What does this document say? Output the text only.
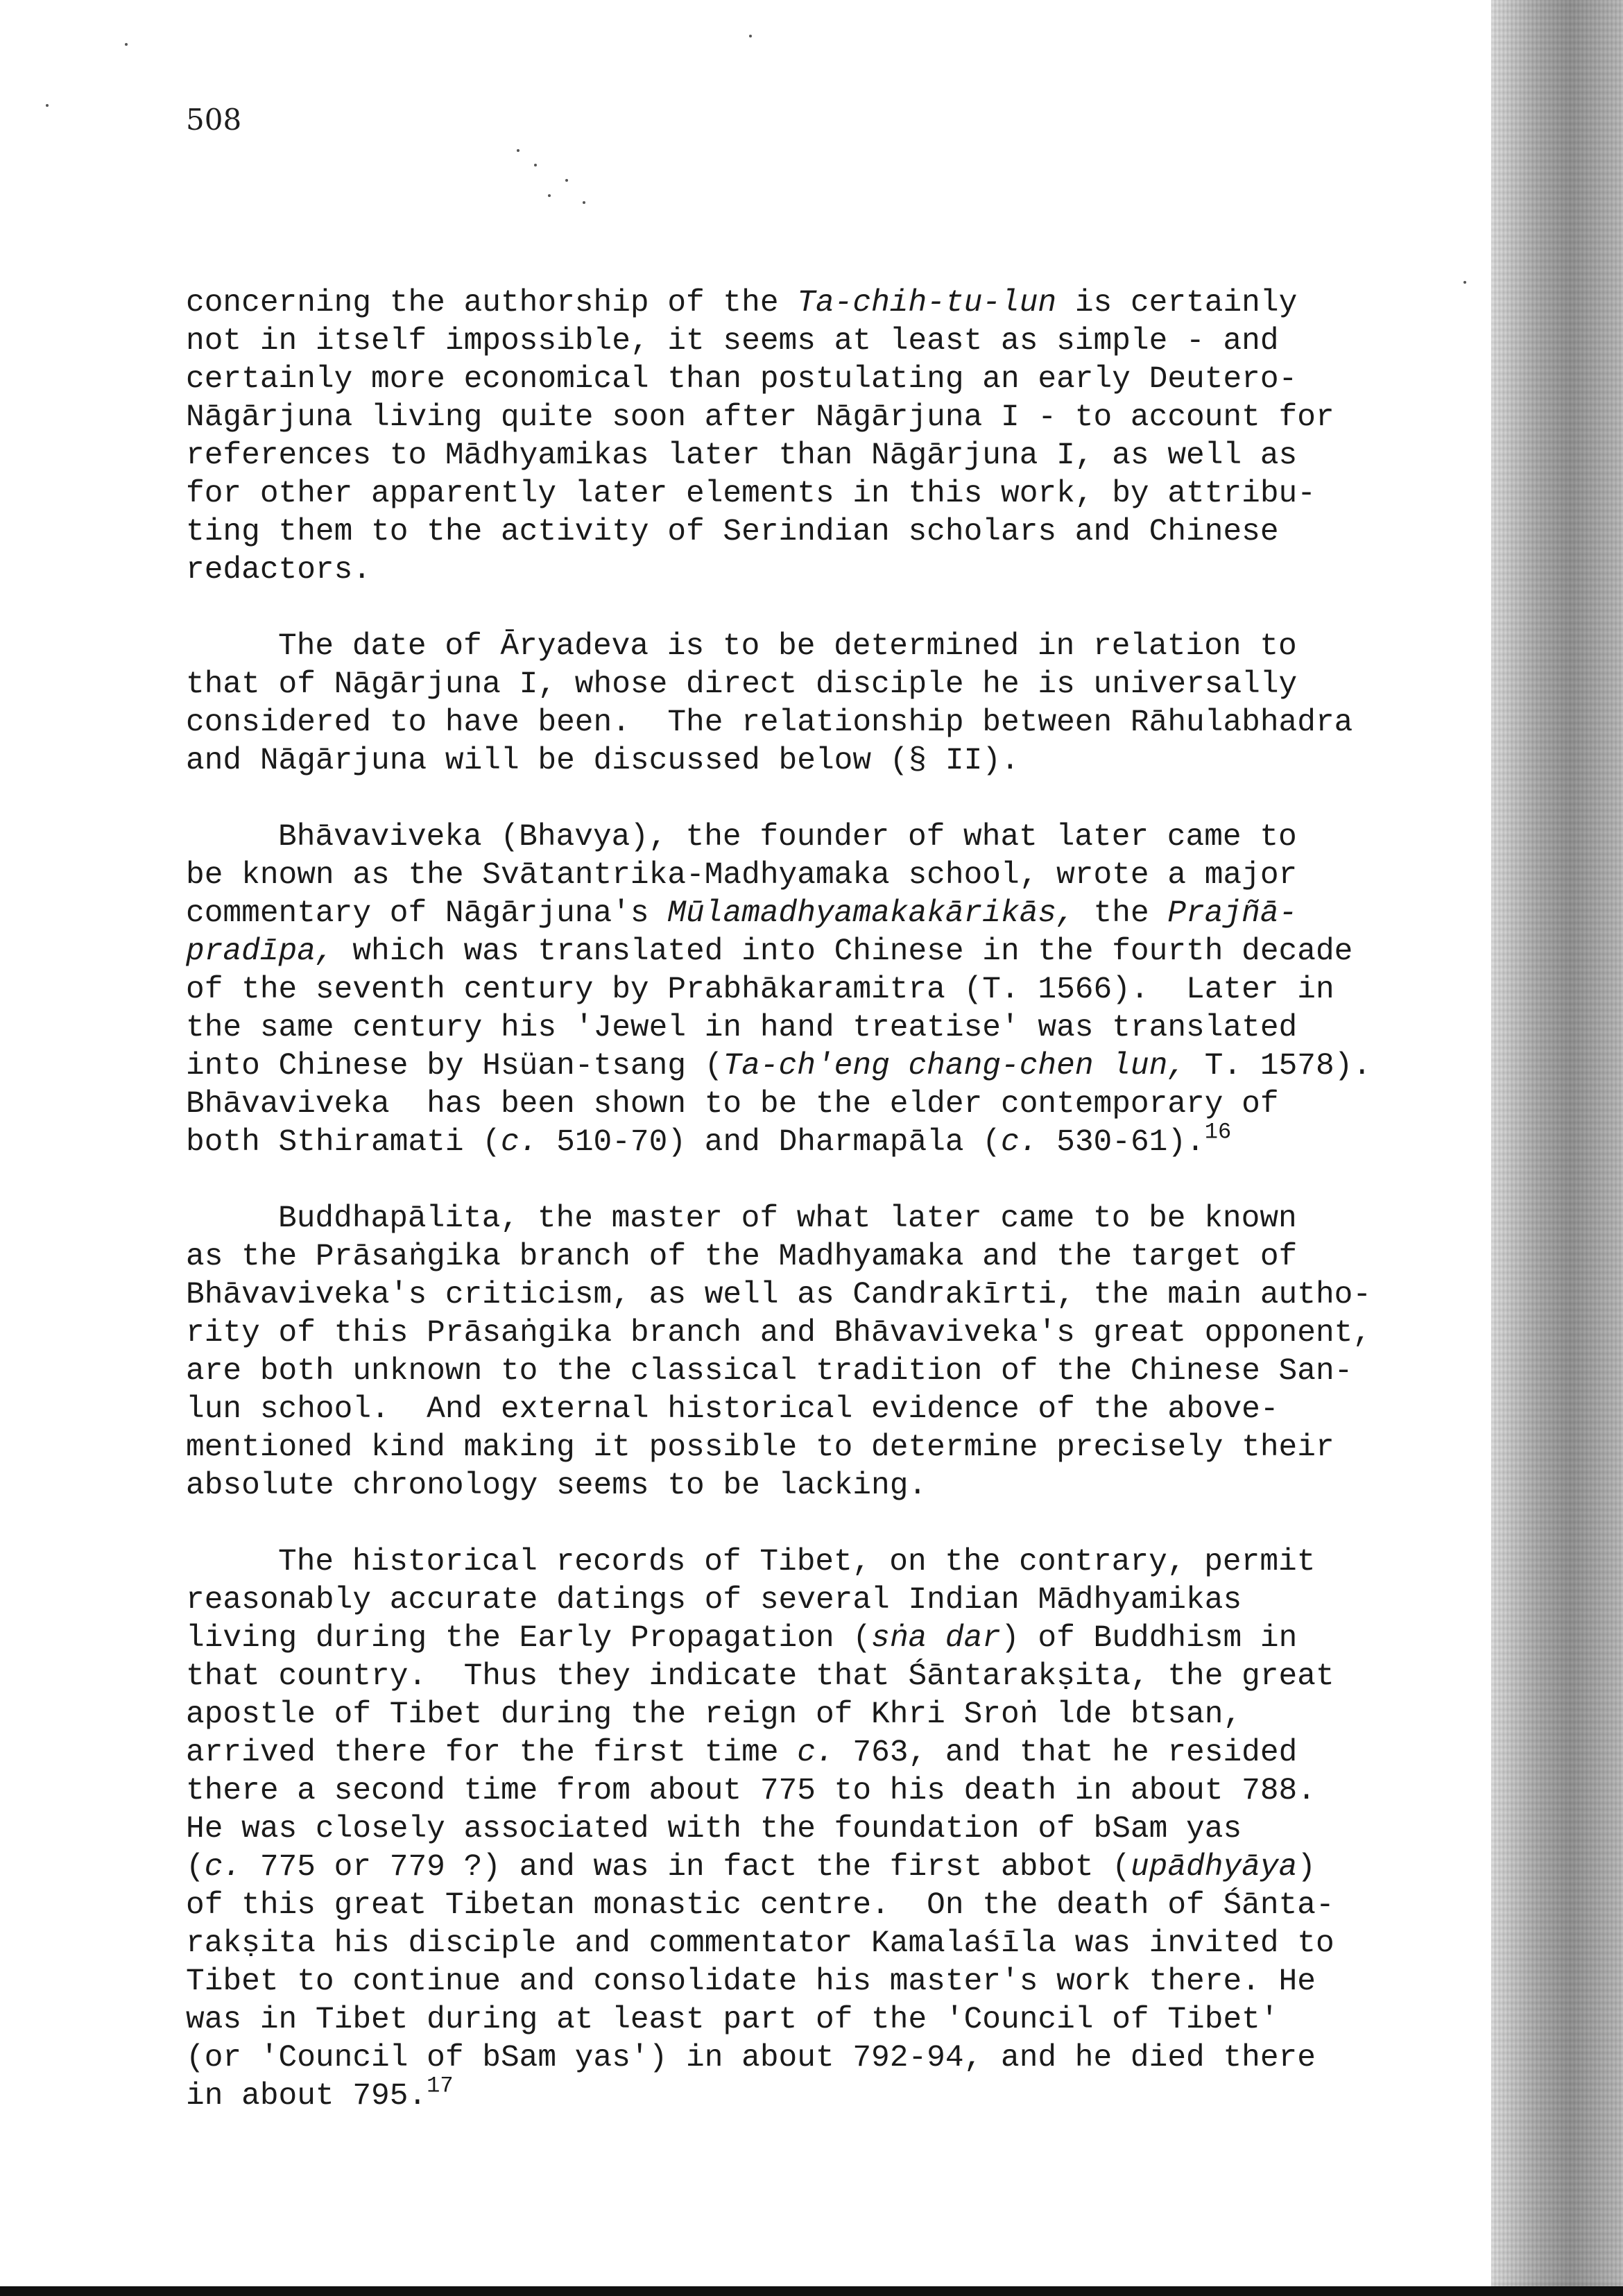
508

concerning the authorship of the Ta-chih-tu-lun is certainly
not in itself impossible, it seems at least as simple - and
certainly more economical than postulating an early Deutero-
Nāgārjuna living quite soon after Nāgārjuna I - to account for
references to Mādhyamikas later than Nāgārjuna I, as well as
for other apparently later elements in this work, by attribu-
ting them to the activity of Serindian scholars and Chinese
redactors.

The date of Āryadeva is to be determined in relation to
that of Nāgārjuna I, whose direct disciple he is universally
considered to have been.  The relationship between Rāhulabhadra
and Nāgārjuna will be discussed below (§ II).

Bhāvaviveka (Bhavya), the founder of what later came to
be known as the Svātantrika-Madhyamaka school, wrote a major
commentary of Nāgārjuna's Mūlamadhyamakakārikās, the Prajñā-
pradīpa, which was translated into Chinese in the fourth decade
of the seventh century by Prabhākaramitra (T. 1566).  Later in
the same century his 'Jewel in hand treatise' was translated
into Chinese by Hsüan-tsang (Ta-ch'eng chang-chen lun, T. 1578).
Bhāvaviveka  has been shown to be the elder contemporary of
both Sthiramati (c. 510-70) and Dharmapāla (c. 530-61).$^{16}$

Buddhapālita, the master of what later came to be known
as the Prāsaṅgika branch of the Madhyamaka and the target of
Bhāvaviveka's criticism, as well as Candrakīrti, the main autho-
rity of this Prāsaṅgika branch and Bhāvaviveka's great opponent,
are both unknown to the classical tradition of the Chinese San-
lun school.  And external historical evidence of the above-
mentioned kind making it possible to determine precisely their
absolute chronology seems to be lacking.

The historical records of Tibet, on the contrary, permit
reasonably accurate datings of several Indian Mādhyamikas
living during the Early Propagation (sṅa dar) of Buddhism in
that country.  Thus they indicate that Śāntarakṣita, the great
apostle of Tibet during the reign of Khri Sroṅ lde btsan,
arrived there for the first time c. 763, and that he resided
there a second time from about 775 to his death in about 788.
He was closely associated with the foundation of bSam yas
(c. 775 or 779 ?) and was in fact the first abbot (upādhyāya)
of this great Tibetan monastic centre.  On the death of Śānta-
rakṣita his disciple and commentator Kamalaśīla was invited to
Tibet to continue and consolidate his master's work there. He
was in Tibet during at least part of the 'Council of Tibet'
(or 'Council of bSam yas') in about 792-94, and he died there
in about 795.17
